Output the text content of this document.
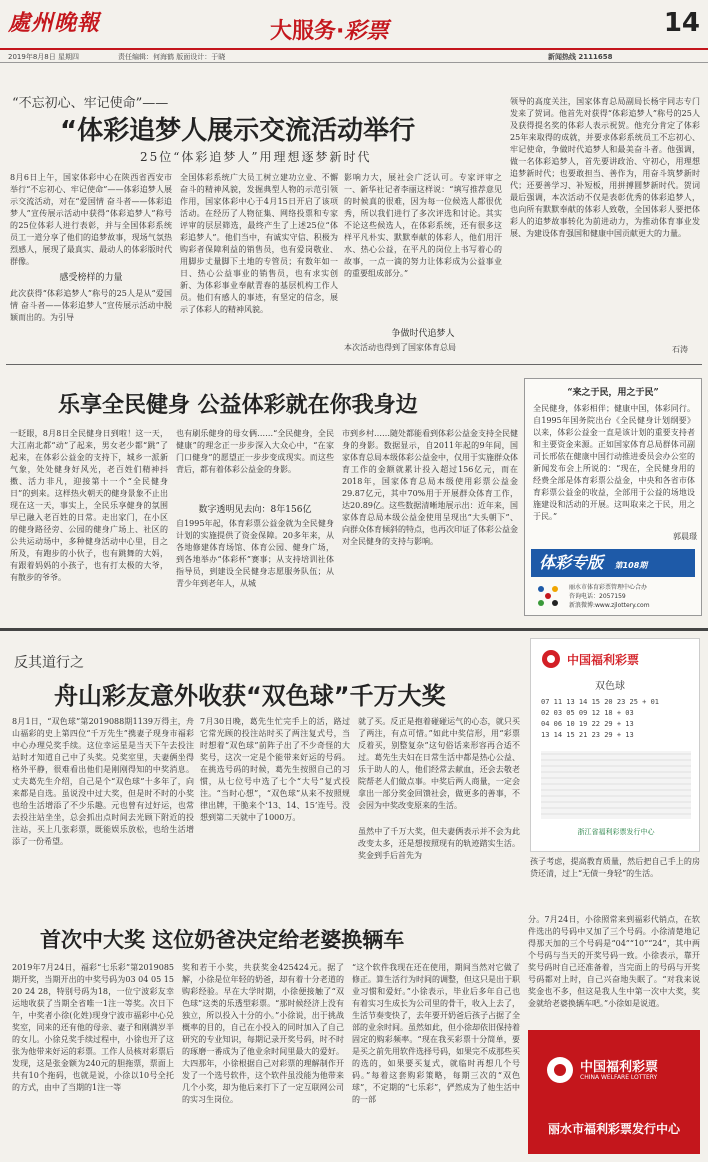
處州晚報	大服务·彩票	14
2019年8月8日 星期四	责任编辑：何海鹤 版面设计：于晓	新闻热线 2111658
“不忘初心、牢记使命”——
“体彩追梦人展示交流活动举行
25位“体彩追梦人”用理想逐梦新时代
8月6日上午，国家体彩中心在陕西省西安市举行“不忘初心、牢记使命”——体彩追梦人展示交流活动，对在“爱国情 奋斗者——体彩追梦人”宣传展示活动中获得“体彩追梦人”称号的25位体彩人进行表彰，并与全国体彩系统员工一道分享了他们的追梦故事，现场气氛热烈感人，展现了最真实、最动人的体彩版时代群像。
感受榜样的力量
此次获得“体彩追梦人”称号的25人是从“爱国情 奋斗者——体彩追梦人”宣传展示活动中脱颖而出的。为引导
全国体彩系统广大员工树立建功立业、不懈奋斗的精神风貌，发掘典型人物的示范引领作用，国家体彩中心于4月15日开启了该项活动。在经历了人物征集、网络投票和专家评审的层层筛选，最终产生了上述25位“体彩追梦人”。他们当中，有诚实守信、积极为购彩者保障利益的销售员，也有爱岗敬业、用脚步丈量脚下土地的专管员；有数年如一日、热心公益事业的销售员，也有求实创新、为体彩事业奉献青春的基层机构工作人员。他们有感人的事迹，有坚定的信念，展示了体彩人的精神风貌。
影响力大，展社会广泛认可。专家评审之一、新华社记者李丽这样说：“填写推荐意见的时候真的很难，因为每一位候选人都很优秀，所以我们进行了多次评选和讨论。其实不论这些候选人，在体彩系统，还有很多这样平凡朴实、默默奉献的体彩人，他们用汗水、热心公益，在平凡的岗位上书写着心的故事，一点一滴的努力让体彩成为公益事业的重要组成部分。”
争做时代追梦人
本次活动也得到了国家体育总局
领导的高度关注，国家体育总局副局长杨宇同志专门发来了贺词。他首先对获得“体彩追梦人”称号的25人及获得提名奖的体彩人表示祝贺。他充分肯定了体彩25年来取得的成就，并要求体彩系统员工不忘初心、牢记使命，争做时代追梦人和最美奋斗者。他强调，做一名体彩追梦人，首先要讲政治、守初心，用理想追梦新时代；也要敢担当、善作为，用奋斗筑梦新时代；还要善学习、补短板，用拼搏圆梦新时代。贺词最后强调，本次活动不仅是表彰优秀的体彩追梦人，也向所有默默奉献的体彩人致敬，全国体彩人要把体彩人的追梦故事转化为前进动力，为推动体育事业发展、为建设体育强国和健康中国贡献更大的力量。
石涛
乐享全民健身 公益体彩就在你我身边
一眨眼，8月8日全民健身日到啦！这一天，大江南北都“动”了起来，男女老少都“跳”了起来，在体彩公益金的支持下，城乡一派新气象，处处健身好风光，老百姓们精神抖擞、活力非凡，迎接第十一个“全民健身日”的到来。这样热火朝天的健身景象不止出现在这一天，事实上，全民乐享健身的氛围早已融入老百姓的日常。走出家门，在小区的健身路径旁、公园的健身广场上、社区的公共运动场中，多种健身活动中心里，目之所及，有跑步的小伙子，也有跳舞的大妈，有跟着妈妈的小孩子，也有打太极的大爷，有散步的爷爷。
也有刷乐健身的母女俩……“全民健身，全民健康”的理念正一步步深入大众心中，“在家门口健身”的愿望正一步步变成现实。而这些背后，都有着体彩公益金的身影。
数字透明见去向：8年156亿
自1995年起，体育彩票公益金就为全民健身计划的实施提供了资金保障。20多年来，从各地修建体育场馆、体育公园、健身广场，到各地举办“体彩杯”赛事；从支持培训社体指导员，到建设全民健身志愿服务队伍；从青少年到老年人，从城
市到乡村……随处都能看到体彩公益金支持全民健身的身影。数据显示，自2011年起的9年间，国家体育总局本级体彩公益金中，仅用于实施群众体育工作的金额就累计投入超过156亿元，而在2018年，国家体育总局本级使用彩票公益金29.87亿元，其中70%用于开展群众体育工作，达20.89亿。这些数据清晰地展示出：近年来，国家体育总局本级公益金使用呈现出“大头朝下”、向群众体育倾斜的特点，也再次印证了体彩公益金对全民健身的支持与影响。
“来之于民，用之于民”
全民健身，体彩相伴；健康中国，体彩同行。自1995年国务院出台《全民健身计划纲要》以来，体彩公益金一直是该计划的重要支持者和主要资金来源。正如国家体育总局群体司副司长邢依在健康中国行动推进委员会办公室的新闻发布会上所说的：“现在，全民健身用的经费全部是体育彩票公益金，中央和各省市体育彩票公益金的收益，全部用于公益的场地设施建设和活动的开展。这叫取来之于民，用之于民。”
郭晨璟
体彩专版 第108期
丽水市体育彩票管理中心合办
咨询电话：2057159
新浪微博:www.zjlottery.com
反其道行之
舟山彩友意外收获“双色球”千万大奖
8月1日，“双色球”第2019088期1139万得主，舟山福彩的史上第四位“千万先生”携妻子现身市福彩中心办理兑奖手续。这位幸运星是当天下午去投注站时才知道自己中了头奖。兑奖室里，夫妻俩坐得格外平静，很难看出他们是刚刚得知的中奖消息。丈夫葛先生介绍，自己是个“双色球”十多年了，向来都是自选。虽说没中过大奖，但是时不时的小奖也给生活增添了不少乐趣。元也曾有过好运，也常去投注站坐坐，总会抓出点时间去光顾下附近的投注站，买上几张彩票，既能娱乐放松，也给生活增添了一份希望。
7月30日晚，葛先生忙完手上的活，路过它常光顾的投注站时买了两注复式号，当时想着“双色球”前阵子出了不少奇怪的大奖号，这次一定是个能带来好运的号码。在挑选号码的时候，葛先生按照自己的习惯，从七位号中选了七个“大号”复式投注。“当时心想”，“双色球”从来不按照规律出牌，干脆来个‘13、14、15’连号。没想到第二天就中了1000万。
就了买。反正是抱着碰碰运气的心态，就只买了两注，有点可惜。”如此中奖信形，用“彩票反着买，别整复杂”这句俗话来形容再合适不过。葛先生夫妇在日常生活中都是热心公益、乐于助人的人，他们经常去献血，还会去敬老院帮老人们做点事。中奖后两人商量，一定会拿出一部分奖金回馈社会，做更多的善事，不会因为中奖改变原来的生活。
虽然中了千万大奖，但夫妻俩表示并不会为此改变太多，还是想按照现有的轨迹踏实生活。奖金到手后首先为
孩子考虑，提高教育质量，然后把自己手上的房贷还清，过上“无债一身轻”的生活。
中国福利彩票
双色球
07 11 13 14 15 20 23 25 + 01
02 03 05 09 12 18 + 03
04 06 10 19 22 29 + 13
13 14 15 21 23 29 + 13
浙江省福利彩票发行中心
首次中大奖 这位奶爸决定给老婆换辆车
2019年7月24日，福彩“七乐彩”第2019085期开奖，当期开出的中奖号码为03 04 05 15 20 24 28，特别号码为18，一位宁波彩友幸运地收获了当期全省唯一1注一等奖。次日下午，中奖者小徐(化姓)现身宁波市福彩中心兑奖室，同来的还有他的母亲、妻子和刚满岁半的女儿。小徐兑奖手续过程中，小徐也开了这张为他带来好运的彩票。工作人员核对彩票后发现，这是张金额为240元的胆拖票，票面上共有10个拖码，也就是说，小徐以10号全托的方式，由中了当期的1注一等
奖和若干小奖，共获奖金425424元。据了解，小徐是位年轻的奶爸，却有着十分老道的购彩经验。早在大学时期，小徐便接触了“双色球”这类的乐透型彩票。“那时候经济上没有独立，所以投入十分的小。”小徐说，出于挑战概率的目的，自己在小投入的同时加入了自己研究的专业知识，每期记录开奖号码，时不时的琢磨一番成为了他业余时间里最大的爱好。大四那年，小徐根据自己对彩票的理解制作开发了一个选号软件，这个软件虽没能为他带来几个小奖，却为他后来打下了一定互联网公司的实习生岗位。
“这个软件我现在还在使用，期间当然对它做了修正。算生活行为时间的调整，但这只是出于职业习惯和爱好。”小徐表示，毕业后多年自己也有着实习生成长为公司里的骨干，收入上去了，生活节奏变快了，去年要开奶爸后孩子占据了全部的业余时间。虽然如此，但小徐却依旧保持着固定的购彩频率。“现在我买彩票十分简单，要是买之前先用软件选择号码，如果完不成那些买的选的，如果要买复式，就临时再想几个号码。”每着这套购彩策略，每期三次的“双色球”，不定期的“七乐彩”，俨然成为了他生活中的一部
分。7月24日，小徐照常来到福彩代销点，在软件选出的号码中又加了三个号码。小徐清楚地记得那天加的三个号码是“04”“10”“24”，其中两个号码与当天的开奖号码一致。小徐表示，靠开奖号码时自己还准备着，当完面上的号码与开奖号码都对上时，自己兴奋地失眠了。“对我来说奖金也不多，但这是我人生中第一次中大奖，奖金就给老婆换辆车吧。”小徐如是说道。
中国福利彩票
CHINA WELFARE LOTTERY
丽水市福利彩票发行中心
